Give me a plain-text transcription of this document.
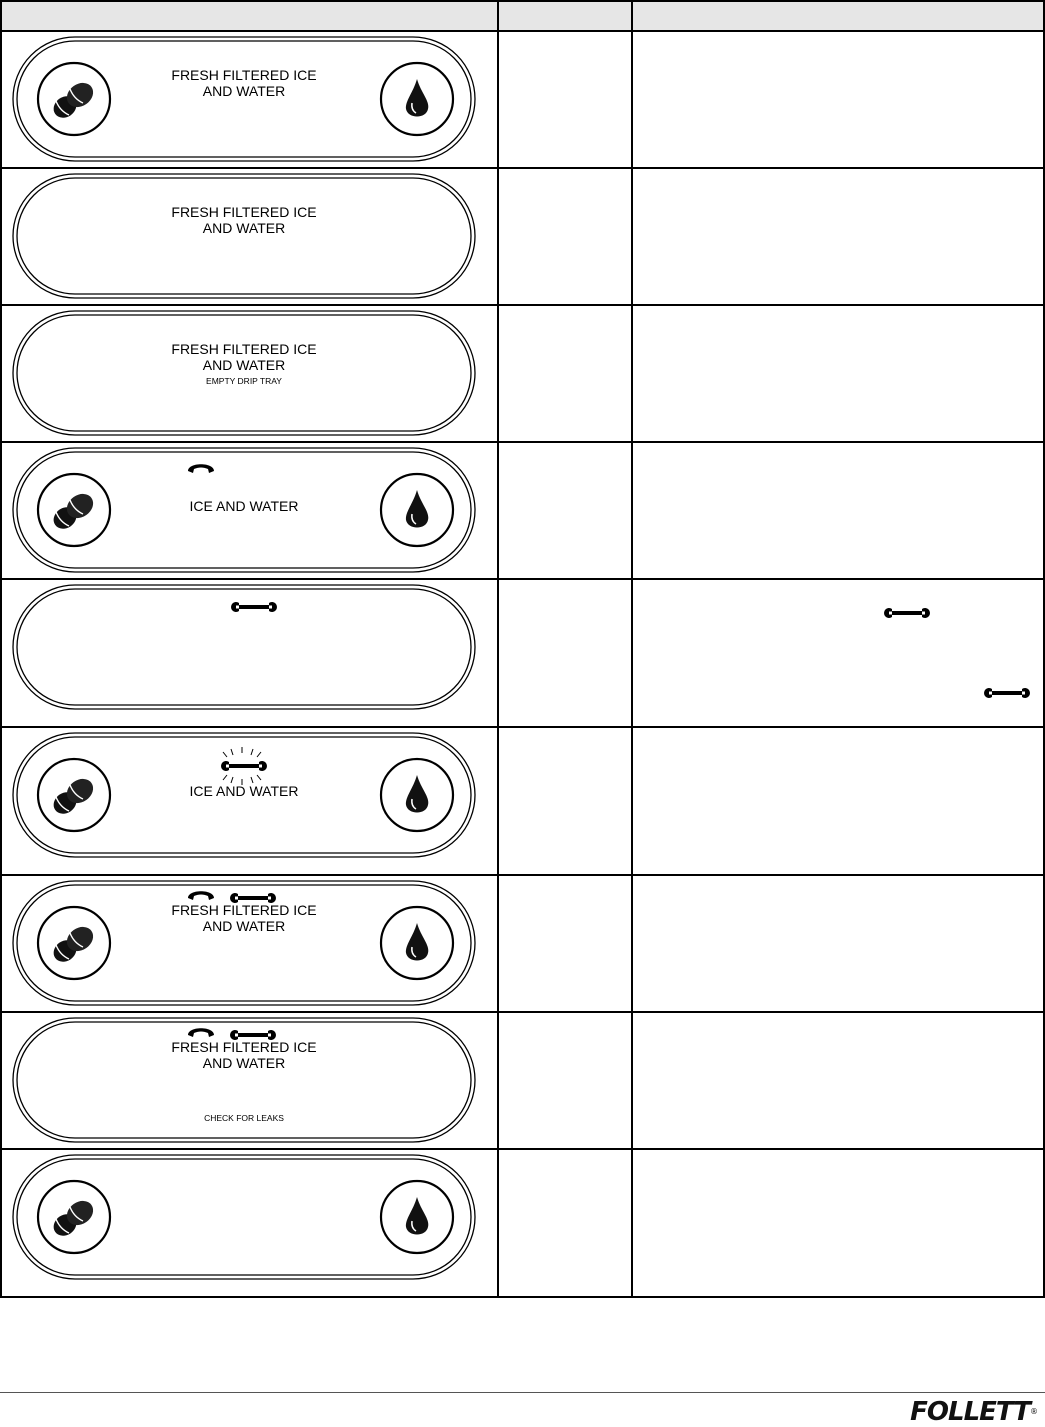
FRESH FILTERED ICE
AND WATER		

FRESH FILTERED ICE
AND WATER		

FRESH FILTERED ICE
AND WATER
EMPTY DRIP TRAY		

ICE AND WATER		

ICE AND WATER		

FRESH FILTERED ICE
AND WATER		

FRESH FILTERED ICE
AND WATER
CHECK FOR LEAKS		

FOLLETT®
